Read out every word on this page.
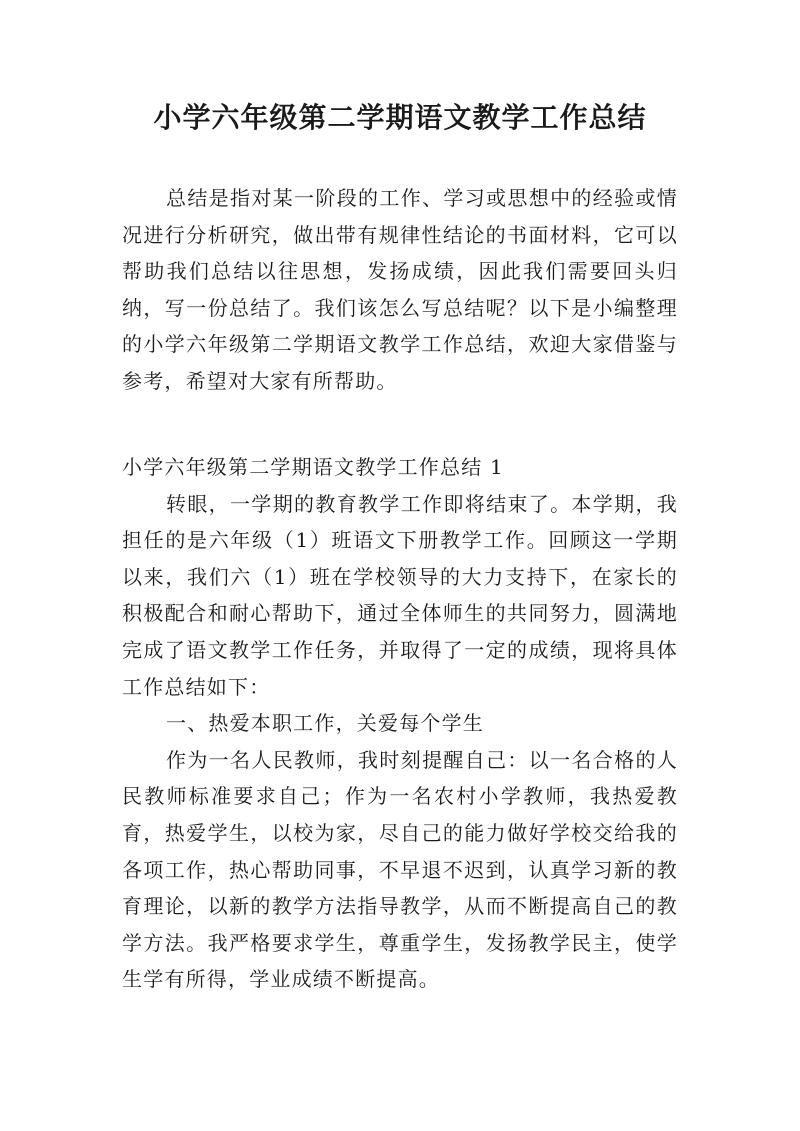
小学六年级第二学期语文教学工作总结

总结是指对某一阶段的工作、学习或思想中的经验或情况进行分析研究，做出带有规律性结论的书面材料，它可以帮助我们总结以往思想，发扬成绩，因此我们需要回头归纳，写一份总结了。我们该怎么写总结呢？以下是小编整理的小学六年级第二学期语文教学工作总结，欢迎大家借鉴与参考，希望对大家有所帮助。

小学六年级第二学期语文教学工作总结 1

转眼，一学期的教育教学工作即将结束了。本学期，我担任的是六年级（1）班语文下册教学工作。回顾这一学期以来，我们六（1）班在学校领导的大力支持下，在家长的积极配合和耐心帮助下，通过全体师生的共同努力，圆满地完成了语文教学工作任务，并取得了一定的成绩，现将具体工作总结如下：

一、热爱本职工作，关爱每个学生

作为一名人民教师，我时刻提醒自己：以一名合格的人民教师标准要求自己；作为一名农村小学教师，我热爱教育，热爱学生，以校为家，尽自己的能力做好学校交给我的各项工作，热心帮助同事，不早退不迟到，认真学习新的教育理论，以新的教学方法指导教学，从而不断提高自己的教学方法。我严格要求学生，尊重学生，发扬教学民主，使学生学有所得，学业成绩不断提高。
